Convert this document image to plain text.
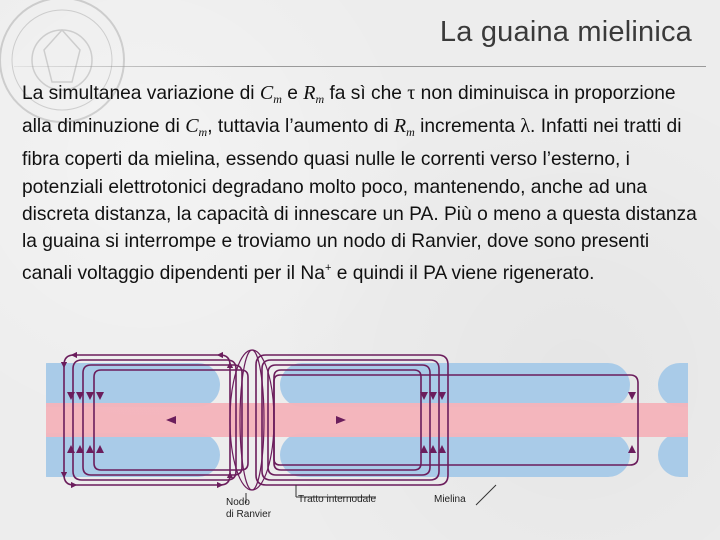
La guaina mielinica
La simultanea variazione di $C_m$ e $R_m$ fa sì che τ non diminuisca in proporzione alla diminuzione di $C_m$, tuttavia l’aumento di $R_m$ incrementa λ. Infatti nei tratti di fibra coperti da mielina, essendo quasi nulle le correnti verso l’esterno, i potenziali elettrotonici degradano molto poco, mantenendo, anche ad una discreta distanza, la capacità di innescare un PA. Più o meno a questa distanza la guaina si interrompe e troviamo un nodo di Ranvier, dove sono presenti canali voltaggio dipendenti per il Na+ e quindi il PA viene rigenerato.
Nodo
di Ranvier
Tratto internodale	Mielina
